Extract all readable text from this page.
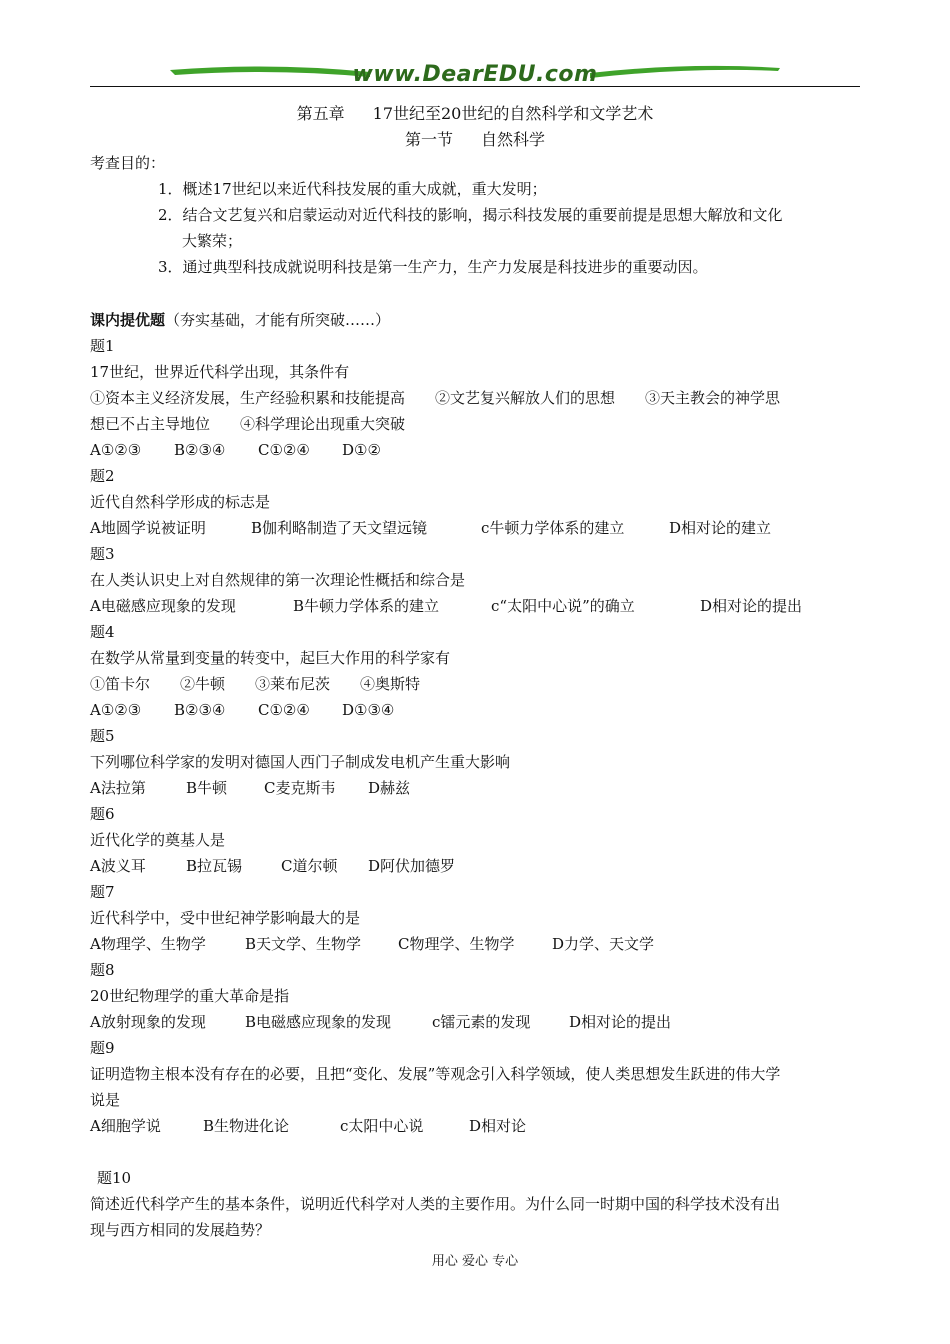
www.DearEDU.com
第五章 17世纪至20世纪的自然科学和文学艺术
第一节 自然科学
考查目的：
1．概述17世纪以来近代科技发展的重大成就，重大发明；
2．结合文艺复兴和启蒙运动对近代科技的影响，揭示科技发展的重要前提是思想大解放和文化
大繁荣；
3．通过典型科技成就说明科技是第一生产力，生产力发展是科技进步的重要动因。
课内提优题（夯实基础，才能有所突破……）
题1
17世纪，世界近代科学出现，其条件有
①资本主义经济发展，生产经验积累和技能提高　　②文艺复兴解放人们的思想　　③天主教会的神学思
想已不占主导地位　　④科学理论出现重大突破
A①②③ B②③④ C①②④ D①②
题2
近代自然科学形成的标志是
A地圆学说被证明	B伽利略制造了天文望远镜	c牛顿力学体系的建立	D相对论的建立
题3
在人类认识史上对自然规律的第一次理论性概括和综合是
A电磁感应现象的发现	B牛顿力学体系的建立	c“太阳中心说”的确立	D相对论的提出
题4
在数学从常量到变量的转变中，起巨大作用的科学家有
①笛卡尔　　②牛顿　　③莱布尼茨　　④奥斯特
A①②③ B②③④ C①②④ D①③④
题5
下列哪位科学家的发明对德国人西门子制成发电机产生重大影响
A法拉第	B牛顿 C麦克斯韦 D赫兹
题6
近代化学的奠基人是
A波义耳	B拉瓦锡	C道尔顿 D阿伏加德罗
题7
近代科学中，受中世纪神学影响最大的是
A物理学、生物学	B天文学、生物学 C物理学、生物学	D力学、天文学
题8
20世纪物理学的重大革命是指
A放射现象的发现	B电磁感应现象的发现	c镭元素的发现	D相对论的提出
题9
证明造物主根本没有存在的必要，且把“变化、发展”等观念引入科学领域，使人类思想发生跃进的伟大学
说是
A细胞学说	B生物进化论	c太阳中心说	D相对论
题10
简述近代科学产生的基本条件，说明近代科学对人类的主要作用。为什么同一时期中国的科学技术没有出
现与西方相同的发展趋势？
用心 爱心 专心
